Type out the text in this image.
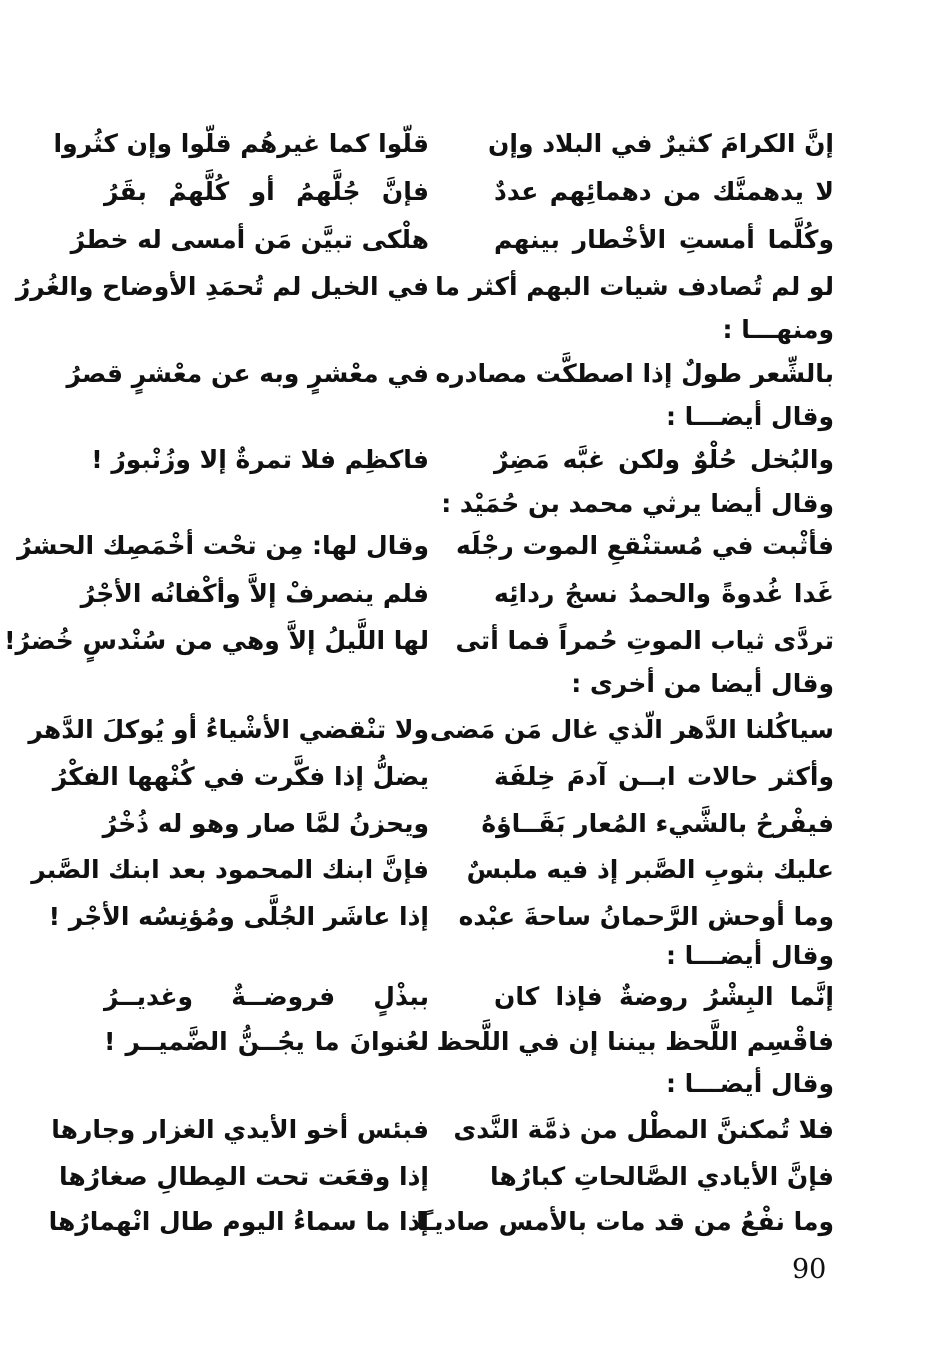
إنَّ الكرامَ كثيرٌ في البلاد وإن
قلّوا كما غيرهُم قلّوا وإن كثُروا
لا يدهمنَّك من دهمائِهم عددٌ
فإنَّ جُلَّهمُ أو كُلَّهمْ بقَرُ
وكُلَّما أمستِ الأخْطار بينهم
هلْكى تبيَّن مَن أمسى له خطرُ
لو لم تُصادف شيات البهم أكثر ما
في الخيل لم تُحمَدِ الأوضاح والغُررُ
ومنهـــا :
بالشِّعر طولٌ إذا اصطكَّت مصادره
في معْشرٍ وبه عن معْشرٍ قصرُ
وقال أيضـــا :
والبُخل حُلْوٌ ولكن غبَّه مَضِرٌ
فاكظِم فلا تمرةٌ إلا وزُنْبورُ !
وقال أيضا يرثي محمد بن حُمَيْد :
فأثْبت في مُستنْقعِ الموت رجْلَه
وقال لها: مِن تحْت أخْمَصِك الحشرُ
غَدا غُدوةً والحمدُ نسجُ ردائِه
فلم ينصرفْ إلاَّ وأكْفانُه الأجْرُ
تردَّى ثياب الموتِ حُمراً فما أتى
لها اللَّيلُ إلاَّ وهي من سُنْدسٍ خُضرُ!
وقال أيضا من أخرى :
سياكُلنا الدَّهر الّذي غال مَن مَضى
ولا تنْقضي الأشْياءُ أو يُوكلَ الدَّهر
وأكثر حالات ابــن آدمَ خِلفَة
يضلُّ إذا فكَّرت في كُنْهها الفكْرُ
فيفْرحُ بالشَّيء المُعار بَقَــاؤهُ
ويحزنُ لمَّا صار وهو له ذُخْرُ
عليك بثوبِ الصَّبر إذ فيه ملبسٌ
فإنَّ ابنك المحمود بعد ابنك الصَّبر
وما أوحش الرَّحمانُ ساحةَ عبْده
إذا عاشَر الجُلَّى ومُؤنِسُه الأجْر !
وقال أيضـــا :
إنَّما البِشْرُ روضةٌ فإذا كان
ببذْلٍ فروضــةٌ وغديــرُ
فاقْسِم اللَّحظ بيننا إن في اللَّحظ
لعُنوانَ ما يجُــنُّ الضَّميــر !
وقال أيضـــا :
فلا تُمكننَّ المطْل من ذمَّة النَّدى
فبئس أخو الأيدي الغزار وجارها
فإنَّ الأيادي الصَّالحاتِ كبارُها
إذا وقعَت تحت المِطالِ صغارُها
وما نفْعُ من قد مات بالأمس صاديـًا
إذا ما سماءُ اليوم طال انْهمارُها
90
